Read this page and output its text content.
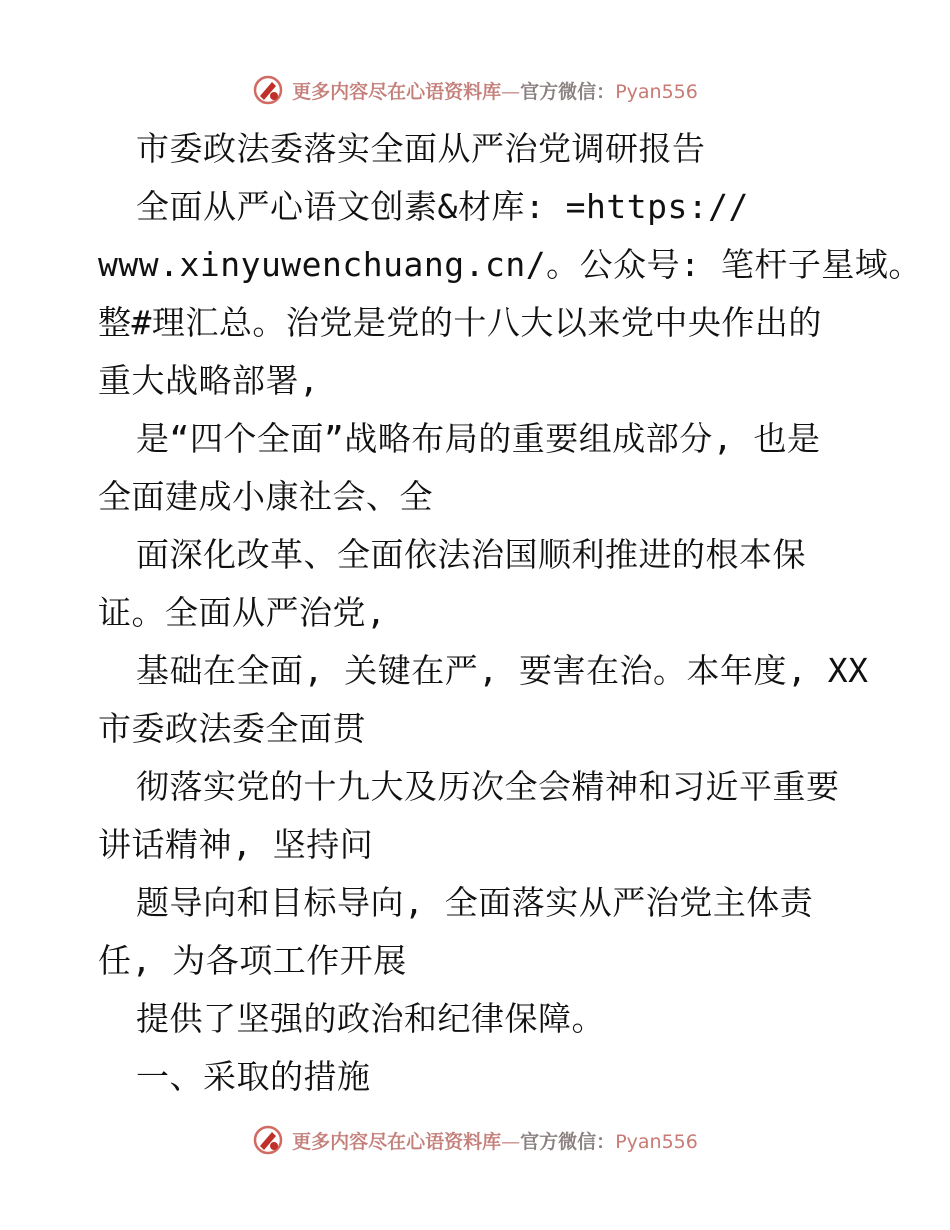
更多内容尽在心语资料库—官方微信：Pyan556
市委政法委落实全面从严治党调研报告
全面从严心语文创素&材库: =https://
www.xinyuwenchuang.cn/。公众号: 笔杆子星域。
整#理汇总。治党是党的十八大以来党中央作出的
重大战略部署,
是“四个全面”战略布局的重要组成部分, 也是
全面建成小康社会、全
面深化改革、全面依法治国顺利推进的根本保
证。全面从严治党,
基础在全面, 关键在严, 要害在治。本年度, XX
市委政法委全面贯
彻落实党的十九大及历次全会精神和习近平重要
讲话精神, 坚持问
题导向和目标导向, 全面落实从严治党主体责
任, 为各项工作开展
提供了坚强的政治和纪律保障。
一、采取的措施
更多内容尽在心语资料库—官方微信：Pyan556
